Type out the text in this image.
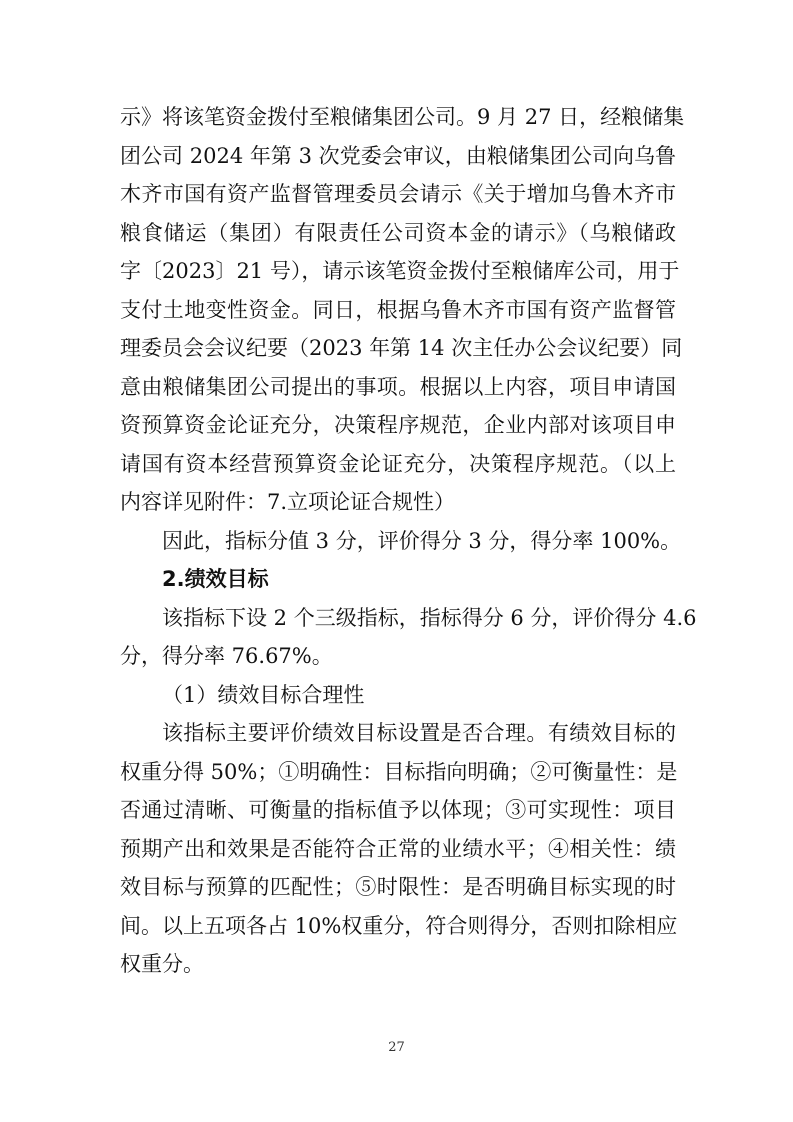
示》将该笔资金拨付至粮储集团公司。9 月 27 日，经粮储集
团公司 2024 年第 3 次党委会审议，由粮储集团公司向乌鲁
木齐市国有资产监督管理委员会请示《关于增加乌鲁木齐市
粮食储运（集团）有限责任公司资本金的请示》（乌粮储政
字〔2023〕21 号），请示该笔资金拨付至粮储库公司，用于
支付土地变性资金。同日，根据乌鲁木齐市国有资产监督管
理委员会会议纪要（2023 年第 14 次主任办公会议纪要）同
意由粮储集团公司提出的事项。根据以上内容，项目申请国
资预算资金论证充分，决策程序规范，企业内部对该项目申
请国有资本经营预算资金论证充分，决策程序规范。（以上
内容详见附件：7.立项论证合规性）
因此，指标分值 3 分，评价得分 3 分，得分率 100%。
2.绩效目标
该指标下设 2 个三级指标，指标得分 6 分，评价得分 4.6
分，得分率 76.67%。
（1）绩效目标合理性
该指标主要评价绩效目标设置是否合理。有绩效目标的
权重分得 50%；①明确性：目标指向明确；②可衡量性：是
否通过清晰、可衡量的指标值予以体现；③可实现性：项目
预期产出和效果是否能符合正常的业绩水平；④相关性：绩
效目标与预算的匹配性；⑤时限性：是否明确目标实现的时
间。以上五项各占 10%权重分，符合则得分，否则扣除相应
权重分。
27
